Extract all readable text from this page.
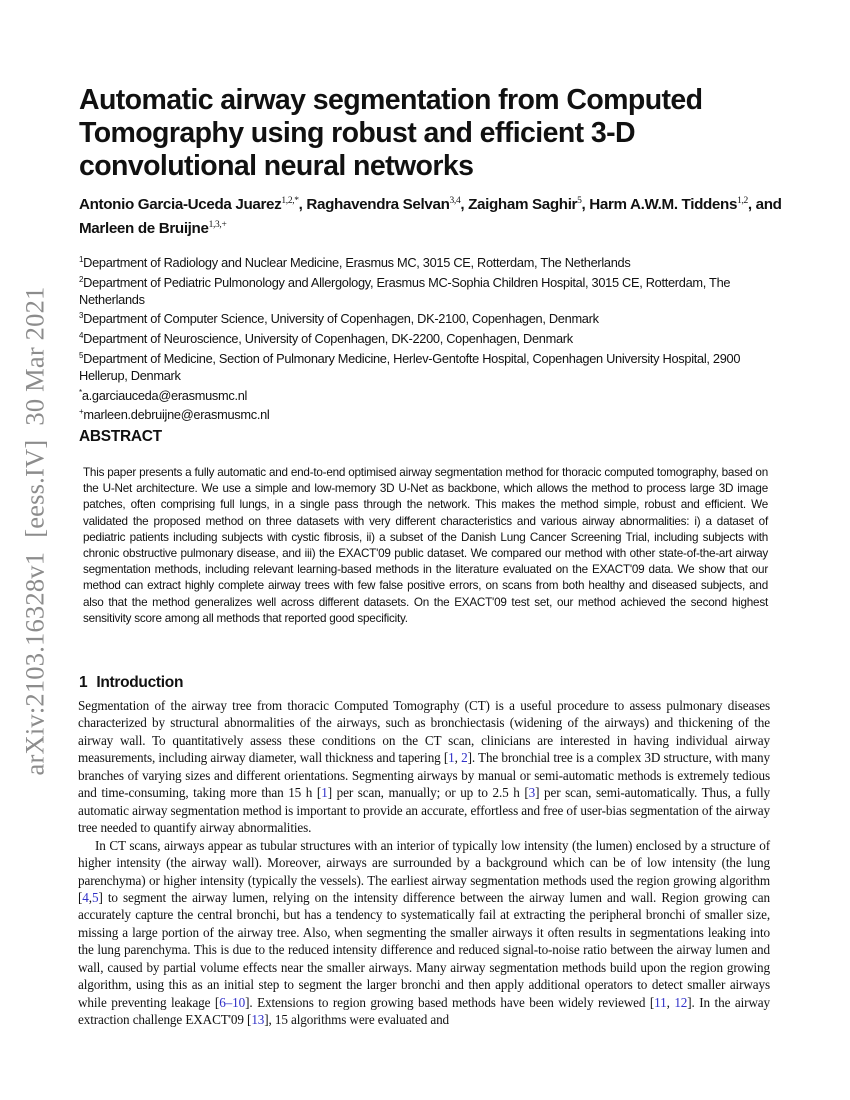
arXiv:2103.16328v1[eess.IV]30 Mar 2021
Automatic airway segmentation from Computed Tomography using robust and efficient 3-D convolutional neural networks
Antonio Garcia-Uceda Juarez$^{1,2,*}$, Raghavendra Selvan$^{3,4}$, Zaigham Saghir$^5$, Harm A.W.M. Tiddens$^{1,2}$, and Marleen de Bruijne$^{1,3,+}$
$^1$Department of Radiology and Nuclear Medicine, Erasmus MC, 3015 CE, Rotterdam, The Netherlands
$^2$Department of Pediatric Pulmonology and Allergology, Erasmus MC-Sophia Children Hospital, 3015 CE, Rotterdam, The Netherlands
$^3$Department of Computer Science, University of Copenhagen, DK-2100, Copenhagen, Denmark
$^4$Department of Neuroscience, University of Copenhagen, DK-2200, Copenhagen, Denmark
$^5$Department of Medicine, Section of Pulmonary Medicine, Herlev-Gentofte Hospital, Copenhagen University Hospital, 2900 Hellerup, Denmark
*a.garciauceda@erasmusmc.nl
+marleen.debruijne@erasmusmc.nl
ABSTRACT

This paper presents a fully automatic and end-to-end optimised airway segmentation method for thoracic computed tomography, based on the U-Net architecture. We use a simple and low-memory 3D U-Net as backbone, which allows the method to process large 3D image patches, often comprising full lungs, in a single pass through the network. This makes the method simple, robust and efficient. We validated the proposed method on three datasets with very different characteristics and various airway abnormalities: i) a dataset of pediatric patients including subjects with cystic fibrosis, ii) a subset of the Danish Lung Cancer Screening Trial, including subjects with chronic obstructive pulmonary disease, and iii) the EXACT'09 public dataset. We compared our method with other state-of-the-art airway segmentation methods, including relevant learning-based methods in the literature evaluated on the EXACT'09 data. We show that our method can extract highly complete airway trees with few false positive errors, on scans from both healthy and diseased subjects, and also that the method generalizes well across different datasets. On the EXACT'09 test set, our method achieved the second highest sensitivity score among all methods that reported good specificity.

1 Introduction

Segmentation of the airway tree from thoracic Computed Tomography (CT) is a useful procedure to assess pulmonary diseases characterized by structural abnormalities of the airways, such as bronchiectasis (widening of the airways) and thickening of the airway wall. To quantitatively assess these conditions on the CT scan, clinicians are interested in having individual airway measurements, including airway diameter, wall thickness and tapering [1, 2]. The bronchial tree is a complex 3D structure, with many branches of varying sizes and different orientations. Segmenting airways by manual or semi-automatic methods is extremely tedious and time-consuming, taking more than 15 h [1] per scan, manually; or up to 2.5 h [3] per scan, semi-automatically. Thus, a fully automatic airway segmentation method is important to provide an accurate, effortless and free of user-bias segmentation of the airway tree needed to quantify airway abnormalities.

In CT scans, airways appear as tubular structures with an interior of typically low intensity (the lumen) enclosed by a structure of higher intensity (the airway wall). Moreover, airways are surrounded by a background which can be of low intensity (the lung parenchyma) or higher intensity (typically the vessels). The earliest airway segmentation methods used the region growing algorithm [4,5] to segment the airway lumen, relying on the intensity difference between the airway lumen and wall. Region growing can accurately capture the central bronchi, but has a tendency to systematically fail at extracting the peripheral bronchi of smaller size, missing a large portion of the airway tree. Also, when segmenting the smaller airways it often results in segmentations leaking into the lung parenchyma. This is due to the reduced intensity difference and reduced signal-to-noise ratio between the airway lumen and wall, caused by partial volume effects near the smaller airways. Many airway segmentation methods build upon the region growing algorithm, using this as an initial step to segment the larger bronchi and then apply additional operators to detect smaller airways while preventing leakage [6–10]. Extensions to region growing based methods have been widely reviewed [11, 12]. In the airway extraction challenge EXACT'09 [13], 15 algorithms were evaluated and
